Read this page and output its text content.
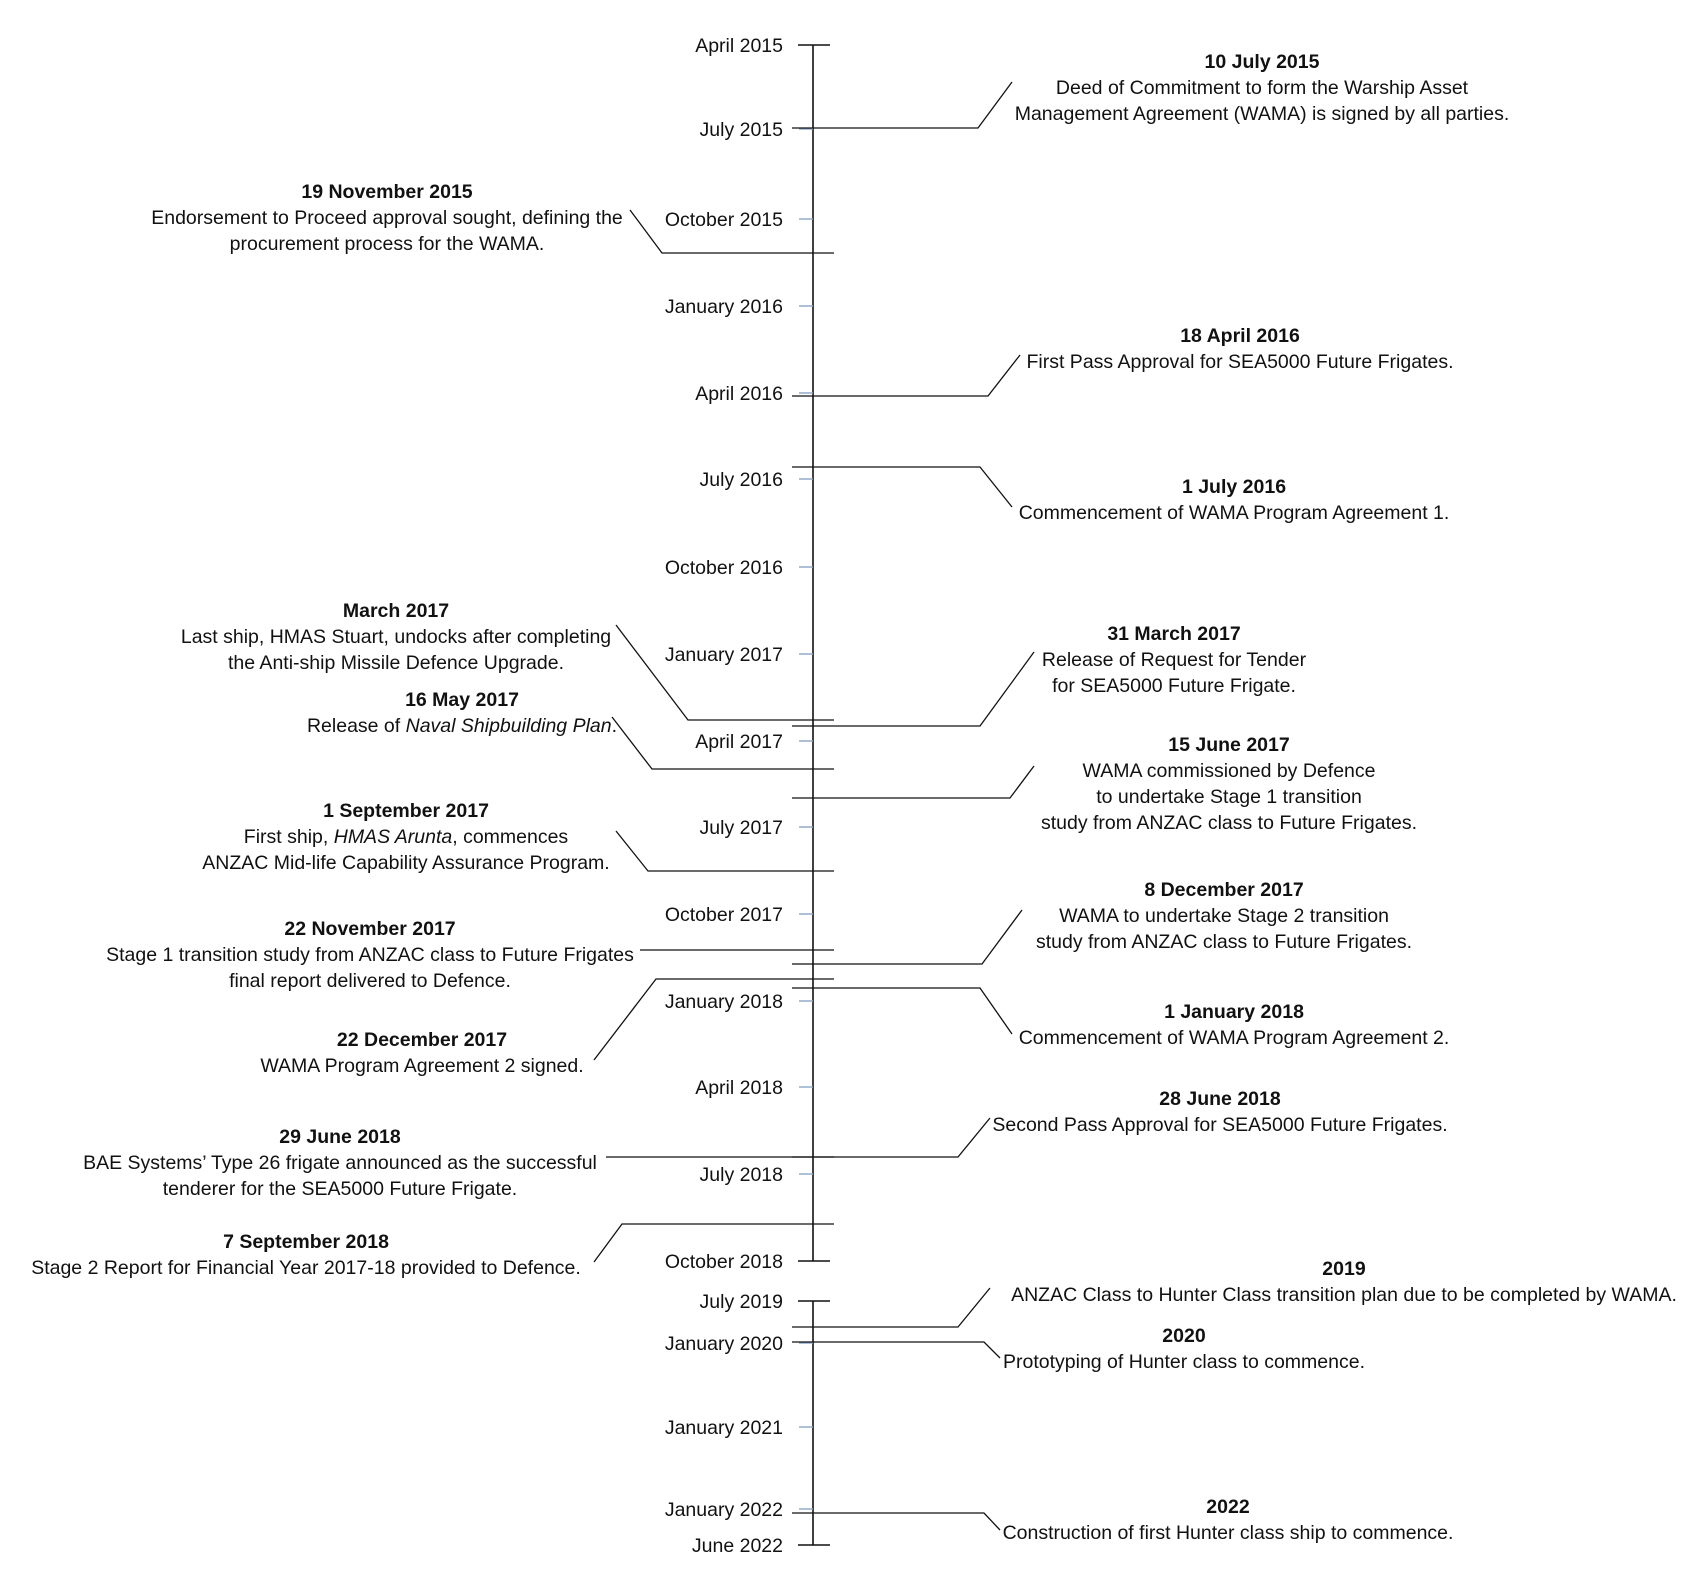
April 2015
July 2015
October 2015
January 2016
April 2016
July 2016
October 2016
January 2017
April 2017
July 2017
October 2017
January 2018
April 2018
July 2018
October 2018
July 2019
January 2020
January 2021
January 2022
June 2022
10 July 2015
Deed of Commitment to form the Warship Asset
Management Agreement (WAMA) is signed by all parties.
19 November 2015
Endorsement to Proceed approval sought, defining the
procurement process for the WAMA.
18 April 2016
First Pass Approval for SEA5000 Future Frigates.
1 July 2016
Commencement of WAMA Program Agreement 1.
March 2017
Last ship, HMAS Stuart, undocks after completing
the Anti-ship Missile Defence Upgrade.
31 March 2017
Release of Request for Tender
for SEA5000 Future Frigate.
16 May 2017
Release of Naval Shipbuilding Plan.
15 June 2017
WAMA commissioned by Defence
to undertake Stage 1 transition
study from ANZAC class to Future Frigates.
1 September 2017
First ship, HMAS Arunta, commences
ANZAC Mid-life Capability Assurance Program.
8 December 2017
WAMA to undertake Stage 2 transition
study from ANZAC class to Future Frigates.
22 November 2017
Stage 1 transition study from ANZAC class to Future Frigates
final report delivered to Defence.
1 January 2018
Commencement of WAMA Program Agreement 2.
22 December 2017
WAMA Program Agreement 2 signed.
28 June 2018
Second Pass Approval for SEA5000 Future Frigates.
29 June 2018
BAE Systems’ Type 26 frigate announced as the successful
tenderer for the SEA5000 Future Frigate.
7 September 2018
Stage 2 Report for Financial Year 2017-18 provided to Defence.	2019
ANZAC Class to Hunter Class transition plan due to be completed by WAMA.
2020
Prototyping of Hunter class to commence.
2022
Construction of first Hunter class ship to commence.
